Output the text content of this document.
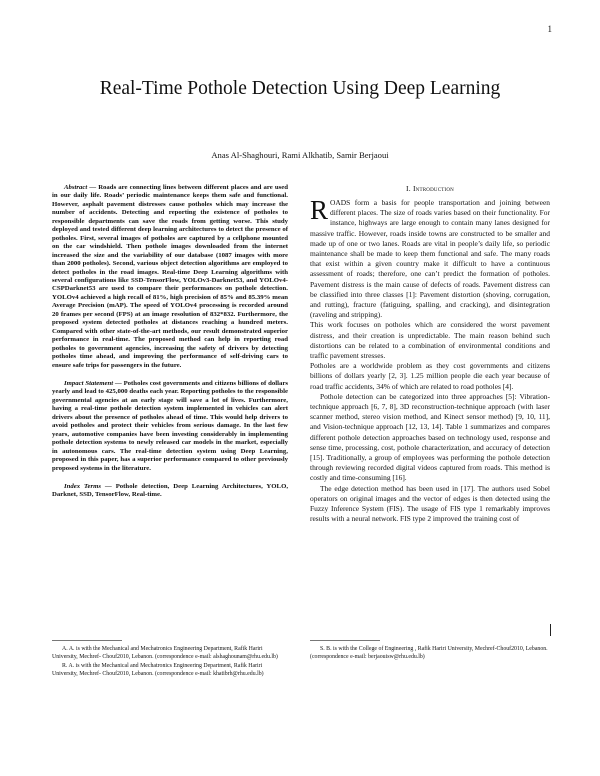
1
Real-Time Pothole Detection Using Deep Learning
Anas Al-Shaghouri, Rami Alkhatib, Samir Berjaoui

Abstract — Roads are connecting lines between different places and are used in our daily life. Roads’ periodic maintenance keeps them safe and functional. However, asphalt pavement distresses cause potholes which may increase the number of accidents. Detecting and reporting the existence of potholes to responsible departments can save the roads from getting worse. This study deployed and tested different deep learning architectures to detect the presence of potholes. First, several images of potholes are captured by a cellphone mounted on the car windshield. Then pothole images downloaded from the internet increased the size and the variability of our database (1087 images with more than 2000 potholes). Second, various object detection algorithms are employed to detect potholes in the road images. Real-time Deep Learning algorithms with several configurations like SSD-TensorFlow, YOLOv3-Darknet53, and YOLOv4-CSPDarknet53 are used to compare their performances on pothole detection. YOLOv4 achieved a high recall of 81%, high precision of 85% and 85.39% mean Average Precision (mAP). The speed of YOLOv4 processing is recorded around 20 frames per second (FPS) at an image resolution of 832*832. Furthermore, the proposed system detected potholes at distances reaching a hundred meters. Compared with other state-of-the-art methods, our result demonstrated superior performance in real-time. The proposed method can help in reporting road potholes to government agencies, increasing the safety of drivers by detecting potholes time ahead, and improving the performance of self-driving cars to ensure safe trips for passengers in the future.

Impact Statement — Potholes cost governments and citizens billions of dollars yearly and lead to 425,000 deaths each year. Reporting potholes to the responsible governmental agencies at an early stage will save a lot of lives. Furthermore, having a real-time pothole detection system implemented in vehicles can alert drivers about the presence of potholes ahead of time. This would help drivers to avoid potholes and protect their vehicles from serious damage. In the last few years, automotive companies have been investing considerably in implementing pothole detection systems to newly released car models in the market, especially in autonomous cars. The real-time detection system using Deep Learning, proposed in this paper, has a superior performance compared to other previously proposed systems in the literature.

Index Terms — Pothole detection, Deep Learning Architectures, YOLO, Darknet, SSD, TensorFlow, Real-time.

I. Introduction

ROADS form a basis for people transportation and joining between different places. The size of roads varies based on their functionality. For instance, highways are large enough to contain many lanes designed for massive traffic. However, roads inside towns are constructed to be smaller and made up of one or two lanes. Roads are vital in people’s daily life, so periodic maintenance shall be made to keep them functional and safe. The many roads that exist within a given country make it difficult to have a continuous assessment of roads; therefore, one can’t predict the formation of potholes. Pavement distress is the main cause of defects of roads. Pavement distress can be classified into three classes [1]: Pavement distortion (shoving, corrugation, and rutting), fracture (fatiguing, spalling, and cracking), and disintegration (raveling and stripping).

This work focuses on potholes which are considered the worst pavement distress, and their creation is unpredictable. The main reason behind such distortions can be related to a combination of environmental conditions and traffic pavement stresses.

Potholes are a worldwide problem as they cost governments and citizens billions of dollars yearly [2, 3]. 1.25 million people die each year because of road traffic accidents, 34% of which are related to road potholes [4].

Pothole detection can be categorized into three approaches [5]: Vibration-technique approach [6, 7, 8], 3D reconstruction-technique approach (with laser scanner method, stereo vision method, and Kinect sensor method) [9, 10, 11], and Vision-technique approach [12, 13, 14]. Table 1 summarizes and compares different pothole detection approaches based on technology used, response and sense time, processing, cost, pothole characterization, and accuracy of detection [15]. Traditionally, a group of employees was performing the pothole detection through reviewing recorded digital videos captured from roads. This method is costly and time-consuming [16].

The edge detection method has been used in [17]. The authors used Sobel operators on original images and the vector of edges is then detected using the Fuzzy Inference System (FIS). The usage of FIS type 1 remarkably improves results with a neural network. FIS type 2 improved the training cost of

A. A. is with the Mechanical and Mechatronics Engineering Department, Rafik Hariri University, Mechref- Chouf2010, Lebanon. (correspondence e-mail: alshaghounam@rhu.edu.lb)

R. A. is with the Mechanical and Mechatronics Engineering Department, Rafik Hariri University, Mechref- Chouf2010, Lebanon. (correspondence e-mail: khatibrh@rhu.edu.lb)

S. B. is with the College of Engineering , Rafik Hariri University, Mechref-Chouf2010, Lebanon. (correspondence e-mail: berjaouisw@rhu.edu.lb)
